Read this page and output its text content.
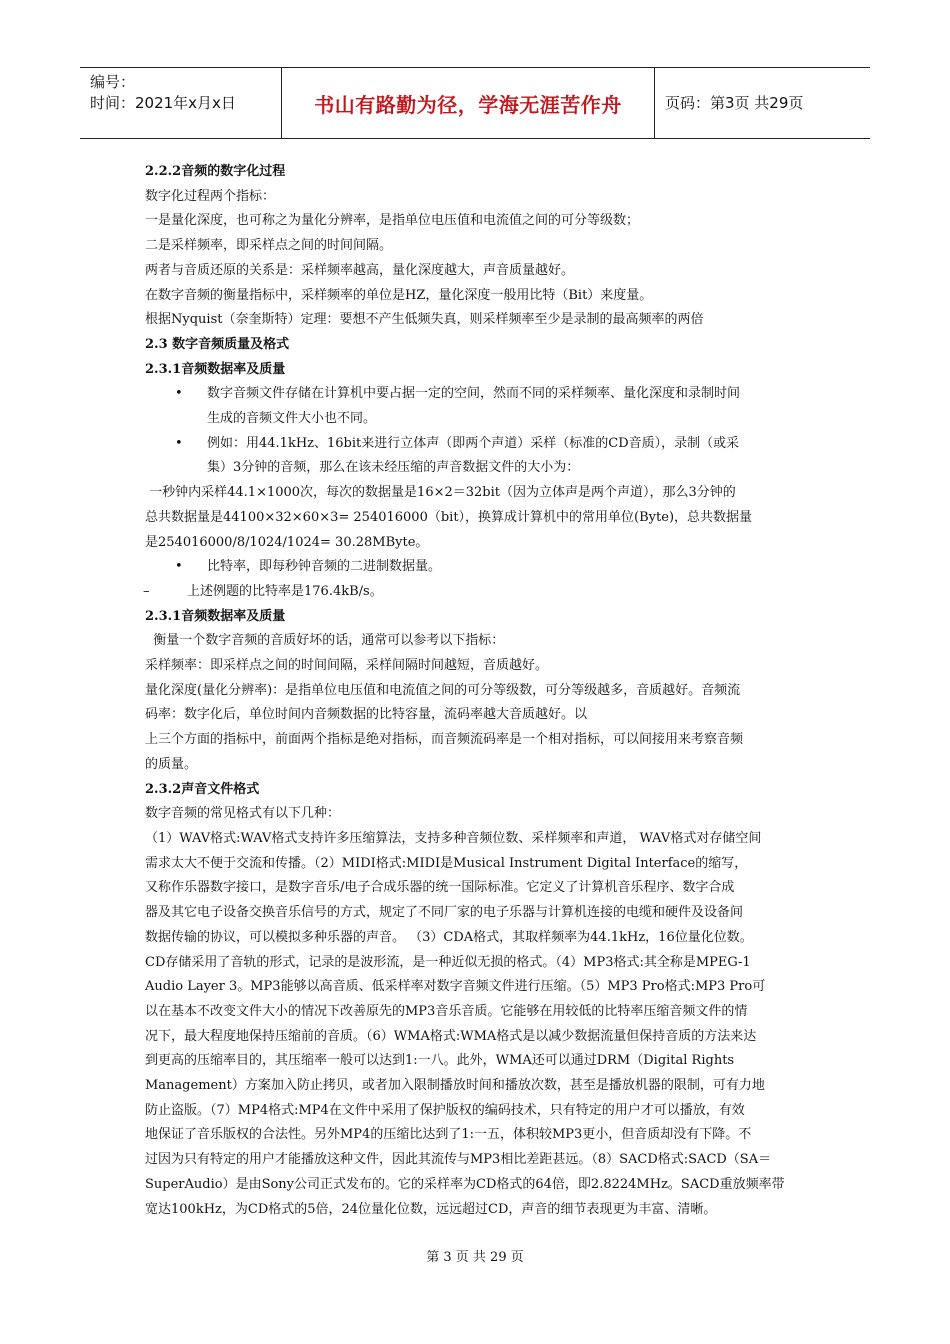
编号：
时间：2021年x月x日	书山有路勤为径，学海无涯苦作舟	页码：第3页 共29页

2.2.2音频的数字化过程

数字化过程两个指标：

一是量化深度，也可称之为量化分辨率，是指单位电压值和电流值之间的可分等级数；

二是采样频率，即采样点之间的时间间隔。

两者与音质还原的关系是：采样频率越高，量化深度越大，声音质量越好。

在数字音频的衡量指标中，采样频率的单位是HZ，量化深度一般用比特（Bit）来度量。

根据Nyquist（奈奎斯特）定理：要想不产生低频失真，则采样频率至少是录制的最高频率的两倍

2.3 数字音频质量及格式

2.3.1音频数据率及质量

• 数字音频文件存储在计算机中要占据一定的空间，然而不同的采样频率、量化深度和录制时间

生成的音频文件大小也不同。

• 例如：用44.1kHz、16bit来进行立体声（即两个声道）采样（标准的CD音质），录制（或采

集）3分钟的音频，那么在该未经压缩的声音数据文件的大小为：

一秒钟内采样44.1×1000次，每次的数据量是16×2＝32bit（因为立体声是两个声道），那么3分钟的

总共数据量是44100×32×60×3= 254016000（bit），换算成计算机中的常用单位(Byte)，总共数据量

是254016000/8/1024/1024= 30.28MByte。

• 比特率，即每秒钟音频的二进制数据量。

–	上述例题的比特率是176.4kB/s。

2.3.1音频数据率及质量

衡量一个数字音频的音质好坏的话，通常可以参考以下指标：

采样频率：即采样点之间的时间间隔，采样间隔时间越短，音质越好。

量化深度(量化分辨率)：是指单位电压值和电流值之间的可分等级数，可分等级越多，音质越好。音频流

码率：数字化后，单位时间内音频数据的比特容量，流码率越大音质越好。以

上三个方面的指标中，前面两个指标是绝对指标，而音频流码率是一个相对指标，可以间接用来考察音频

的质量。

2.3.2声音文件格式

数字音频的常见格式有以下几种：

（1）WAV格式:WAV格式支持许多压缩算法，支持多种音频位数、采样频率和声道， WAV格式对存储空间

需求太大不便于交流和传播。（2）MIDI格式:MIDI是Musical Instrument Digital Interface的缩写，

又称作乐器数字接口，是数字音乐/电子合成乐器的统一国际标准。它定义了计算机音乐程序、数字合成

器及其它电子设备交换音乐信号的方式，规定了不同厂家的电子乐器与计算机连接的电缆和硬件及设备间

数据传输的协议，可以模拟多种乐器的声音。 （3）CDA格式，其取样频率为44.1kHz，16位量化位数。

CD存储采用了音轨的形式，记录的是波形流，是一种近似无损的格式。（4）MP3格式:其全称是MPEG-1

Audio Layer 3。MP3能够以高音质、低采样率对数字音频文件进行压缩。（5）MP3 Pro格式:MP3 Pro可

以在基本不改变文件大小的情况下改善原先的MP3音乐音质。它能够在用较低的比特率压缩音频文件的情

况下，最大程度地保持压缩前的音质。（6）WMA格式:WMA格式是以减少数据流量但保持音质的方法来达

到更高的压缩率目的，其压缩率一般可以达到1:一八。此外，WMA还可以通过DRM（Digital Rights

Management）方案加入防止拷贝，或者加入限制播放时间和播放次数，甚至是播放机器的限制，可有力地

防止盗版。（7）MP4格式:MP4在文件中采用了保护版权的编码技术，只有特定的用户才可以播放，有效

地保证了音乐版权的合法性。另外MP4的压缩比达到了1:一五，体积较MP3更小，但音质却没有下降。不

过因为只有特定的用户才能播放这种文件，因此其流传与MP3相比差距甚远。（8）SACD格式:SACD（SA＝

SuperAudio）是由Sony公司正式发布的。它的采样率为CD格式的64倍，即2.8224MHz。SACD重放频率带

宽达100kHz，为CD格式的5倍，24位量化位数，远远超过CD，声音的细节表现更为丰富、清晰。

第 3 页 共 29 页
